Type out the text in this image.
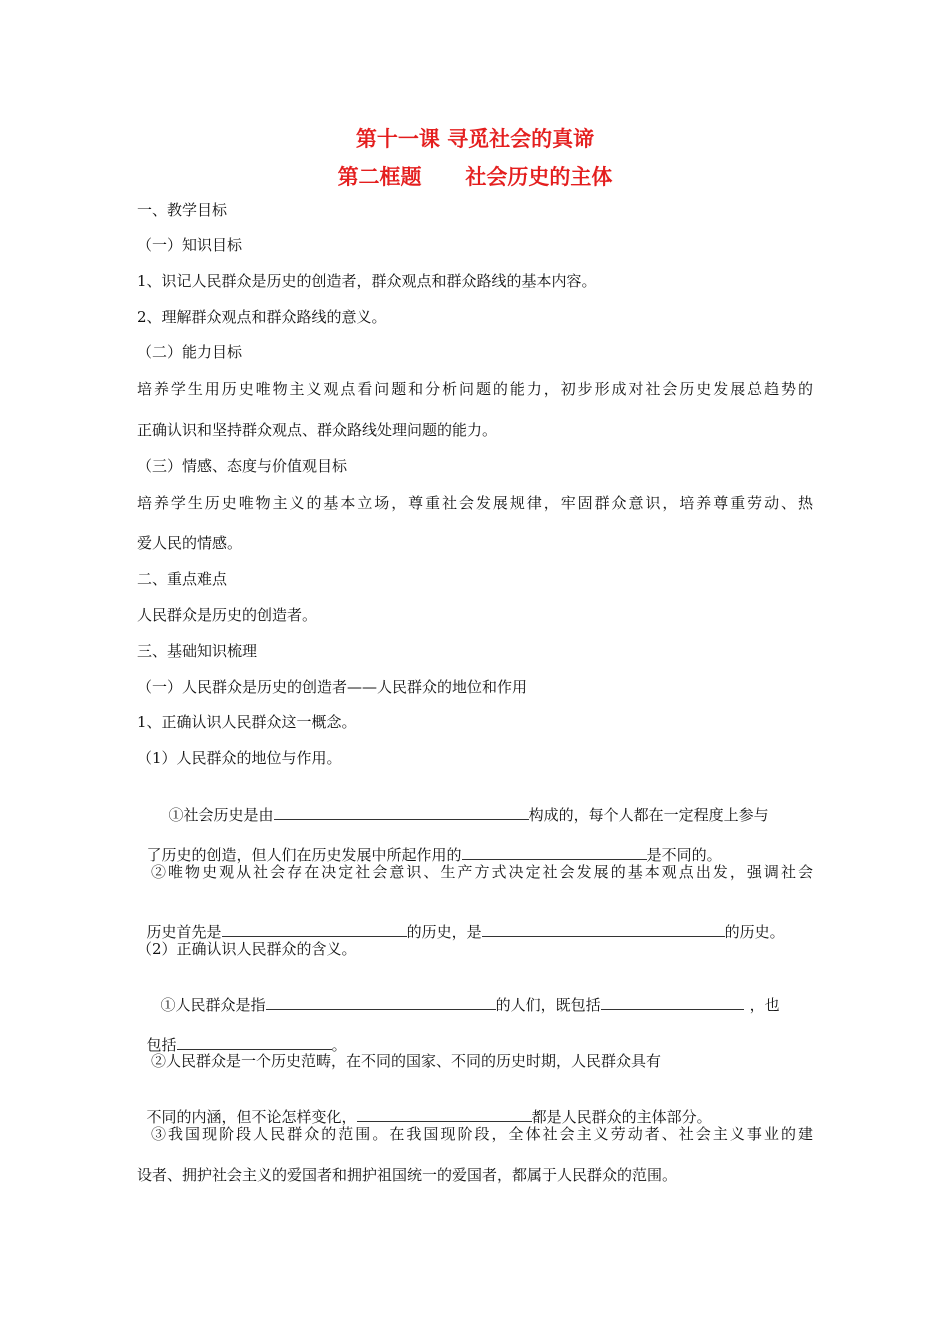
第十一课 寻觅社会的真谛
第二框题      社会历史的主体
一、教学目标
（一）知识目标
1、识记人民群众是历史的创造者，群众观点和群众路线的基本内容。
2、理解群众观点和群众路线的意义。
（二）能力目标
培养学生用历史唯物主义观点看问题和分析问题的能力，初步形成对社会历史发展总趋势的
正确认识和坚持群众观点、群众路线处理问题的能力。
（三）情感、态度与价值观目标
培养学生历史唯物主义的基本立场，尊重社会发展规律，牢固群众意识，培养尊重劳动、热
爱人民的情感。
二、重点难点
人民群众是历史的创造者。
三、基础知识梳理
（一）人民群众是历史的创造者——人民群众的地位和作用
1、正确认识人民群众这一概念。
（1）人民群众的地位与作用。

①社会历史是由	构成的，每个人都在一定程度上参与

了历史的创造，但人们在历史发展中所起作用的	是不同的。

②唯物史观从社会存在决定社会意识、生产方式决定社会发展的基本观点出发，强调社会

历史首先是	的历史，是	的历史。

（2）正确认识人民群众的含义。

①人民群众是指	的人们，既包括	，也

包括	。

②人民群众是一个历史范畴，在不同的国家、不同的历史时期，人民群众具有

不同的内涵，但不论怎样变化，	都是人民群众的主体部分。

③我国现阶段人民群众的范围。在我国现阶段，全体社会主义劳动者、社会主义事业的建
设者、拥护社会主义的爱国者和拥护祖国统一的爱国者，都属于人民群众的范围。
